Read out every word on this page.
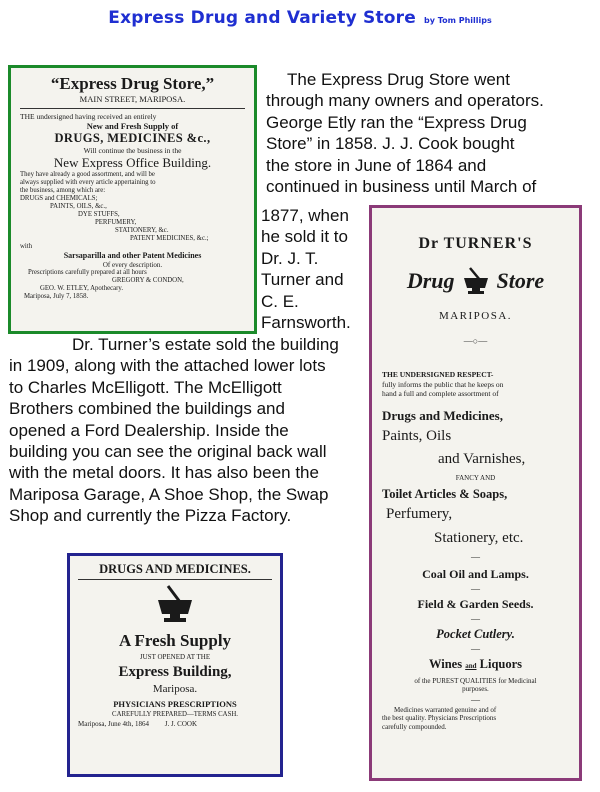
Express Drug and Variety Store by Tom Phillips
The Express Drug Store went
through many owners and operators.
George Etly ran the “Express Drug
Store” in 1858. J. J. Cook bought
the store in June of 1864 and
continued in business until March of
1877, when
he sold it to
Dr. J. T.
Turner and
C. E.
Farnsworth.
Dr. Turner’s estate sold the building
in 1909, along with the attached lower lots
to Charles McElligott. The McElligott
Brothers combined the buildings and
opened a Ford Dealership. Inside the
building you can see the original back wall
with the metal doors. It has also been the
Mariposa Garage, A Shoe Shop, the Swap
Shop and currently the Pizza Factory.
“Express Drug Store,”
MAIN STREET, MARIPOSA.
THE undersigned having received an entirely
New and Fresh Supply of
DRUGS, MEDICINES &c.,
Will continue the business in the
New Express Office Building.
They have already a good assortment, and will be
always supplied with every article appertaining to
the business, among which are:
DRUGS and CHEMICALS;
PAINTS, OILS, &c.,
DYE STUFFS,
PERFUMERY,
STATIONERY, &c.
PATENT MEDICINES, &c.;
with
Sarsaparilla and other Patent Medicines
Of every description.
Prescriptions carefully prepared at all hours
GREGORY & CONDON,
GEO. W. ETLEY, Apothecary.
Mariposa, July 7, 1858.
Dr TURNER'S
Drug Store
MARIPOSA.
—○—
THE UNDERSIGNED RESPECT-
fully informs the public that he keeps on
hand a full and complete assortment of
Drugs and Medicines,
Paints, Oils
and Varnishes,
FANCY AND
Toilet Articles & Soaps,
Perfumery,
Stationery, etc.
—
Coal Oil and Lamps.
—
Field & Garden Seeds.
—
Pocket Cutlery.
—
Wines and Liquors
of the PUREST QUALITIES for Medicinal
purposes.
—
Medicines warranted genuine and of
the best quality. Physicians Prescriptions
carefully compounded.
DRUGS AND MEDICINES.
A Fresh Supply
JUST OPENED AT THE
Express Building,
Mariposa.
PHYSICIANS PRESCRIPTIONS
CAREFULLY PREPARED—TERMS CASH.
Mariposa, June 4th, 1864 J. J. COOK
